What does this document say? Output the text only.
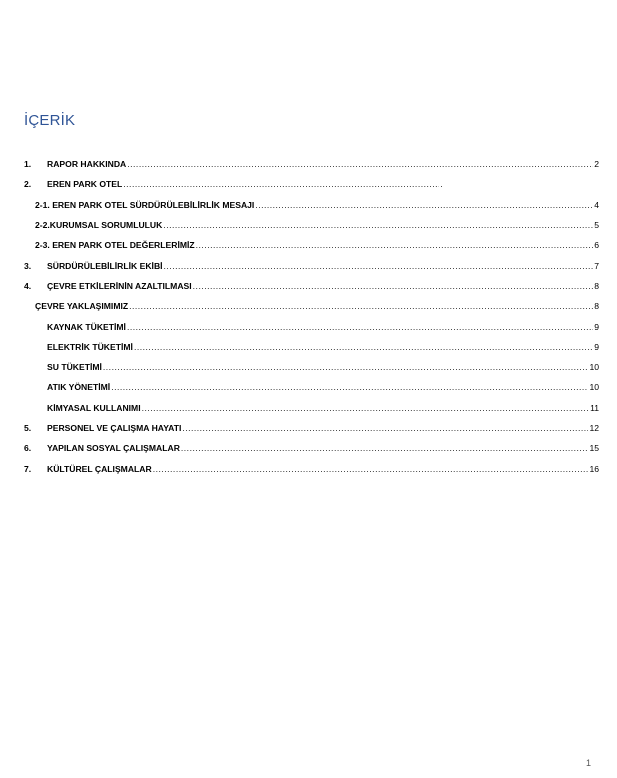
İÇERİK
1.	RAPOR HAKKINDA .....	2
2.	EREN PARK OTEL .....	.
2-1. EREN PARK OTEL SÜRDÜRÜLEBİLİRLİK MESAJI .....	4
2-2.KURUMSAL SORUMLULUK .....	5
2-3. EREN PARK OTEL DEĞERLERİMİZ .....	6
3.	SÜRDÜRÜLEBİLİRLİK EKİBİ .....	7
4.	ÇEVRE ETKİLERİNİN AZALTILMASI .....	8
ÇEVRE YAKLAŞIMIMIZ .....	8
KAYNAK TÜKETİMİ .....	9
ELEKTRİK TÜKETİMİ .....	9
SU TÜKETİMİ .....	10
ATIK YÖNETİMİ .....	10
KİMYASAL KULLANIMI .....	11
5.	PERSONEL VE ÇALIŞMA HAYATI .....	12
6.	YAPILAN SOSYAL ÇALIŞMALAR .....	15
7.	KÜLTÜREL ÇALIŞMALAR .....	16
1
